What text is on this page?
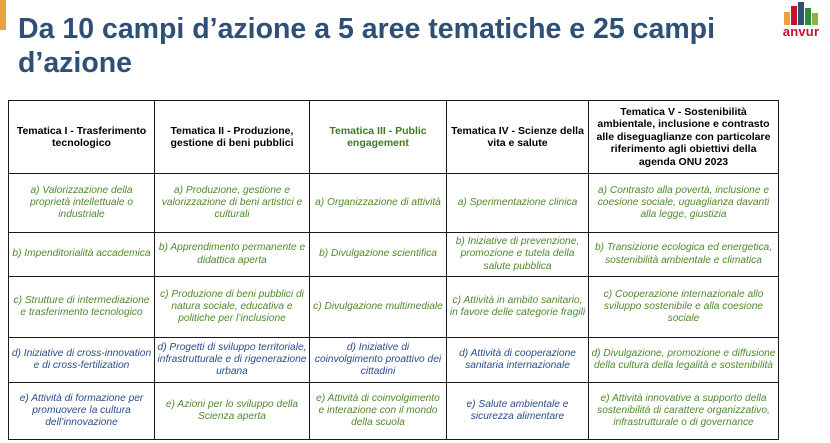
Da 10 campi d’azione a 5 aree tematiche e 25 campi d’azione
anvur
Tematica I - Trasferimento tecnologico	Tematica II - Produzione, gestione di beni pubblici	Tematica III - Public engagement	Tematica IV - Scienze della vita e salute	Tematica V - Sostenibilità ambientale, inclusione e contrasto alle diseguaglianze con particolare riferimento agli obiettivi della agenda ONU 2023
a) Valorizzazione della proprietà intellettuale o industriale	a) Produzione, gestione e valorizzazione di beni artistici e culturali	a) Organizzazione di attività	a) Sperimentazione clinica	a) Contrasto alla povertà, inclusione e coesione sociale, uguaglianza davanti alla legge, giustizia
b) Impenditorialità accademica	b) Apprendimento permanente e didattica aperta	b) Divulgazione scientifica	b) Iniziative di prevenzione, promozione e tutela della salute pubblica	b) Transizione ecologica ed energetica, sostenibilità ambientale e climatica
c) Strutture di intermediazione e trasferimento tecnologico	c) Produzione di beni pubblici di natura sociale, educativa e politiche per l’inclusione	c) Divulgazione multimediale	c) Attività in ambito sanitario, in favore delle categorie fragili	c) Cooperazione internazionale allo sviluppo sostenibile e alla coesione sociale
d) Iniziative di cross-innovation e di cross-fertilization	d) Progetti di sviluppo territoriale, infrastrutturale e di rigenerazione urbana	d) Iniziative di coinvolgimento proattivo dei cittadini	d) Attività di cooperazione sanitaria internazionale	d) Divulgazione, promozione e diffusione della cultura della legalità e sostenibilità
e) Attività di formazione per promuovere la cultura dell’innovazione	e) Azioni per lo sviluppo della Scienza aperta	e) Attività di coinvolgimento e interazione con il mondo della scuola	e) Salute ambientale e sicurezza alimentare	e) Attività innovative a supporto della sostenibilità di carattere organizzativo, infrastrutturale o di governance
